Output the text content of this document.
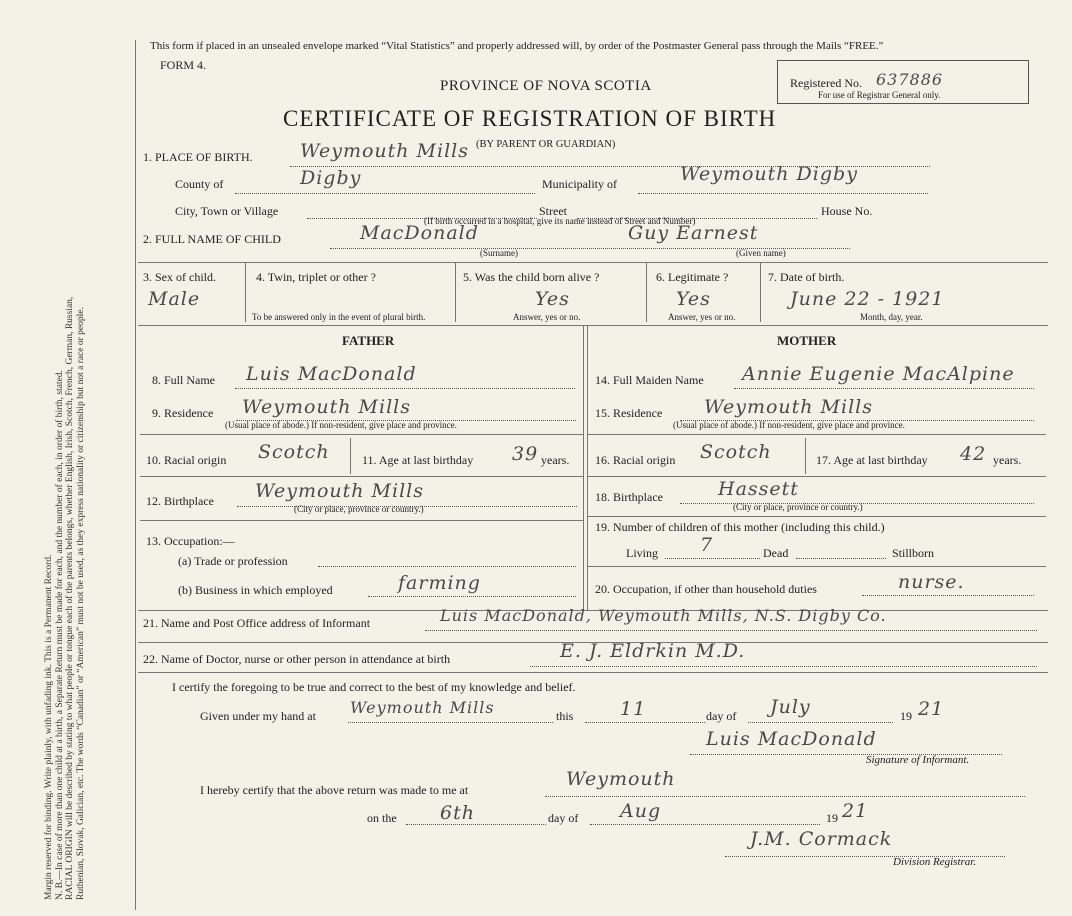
Margin reserved for binding. Write plainly, with unfading ink. This is a Permanent Record. N. B.—In case of more than one child at a birth, a Separate Return must be made for each, and the number of each, in order of birth, stated. RACIAL ORIGIN will be described by stating to what people or tongue each of the parents belongs, whether English, Irish, Scotch, French, German, Russian, Ruthenian, Slovak, Galician, etc. The words “Canadian” or “American” must not be used, as they express nationality or citizenship but not a race or people.
This form if placed in an unsealed envelope marked “Vital Statistics” and properly addressed will, by order of the Postmaster General pass through the Mails “FREE.”
FORM 4.
Registered No. 637886
For use of Registrar General only.
PROVINCE OF NOVA SCOTIA
CERTIFICATE OF REGISTRATION OF BIRTH
(BY PARENT OR GUARDIAN)
1. PLACE OF BIRTH. Weymouth Mills
County of	Digby	Municipality of	Weymouth Digby
City, Town or Village	Street	House No.
(If birth occurred in a hospital, give its name instead of Street and Number)
2. FULL NAME OF CHILD	MacDonald	Guy Earnest
(Surname)	(Given name)
3. Sex of child.
Male
4. Twin, triplet or other ?
To be answered only in the event of plural birth.
5. Was the child born alive ?
Yes
Answer, yes or no.
6. Legitimate ?
Yes
Answer, yes or no.
7. Date of birth.
June 22 - 1921
Month, day, year.
FATHER	MOTHER
8. Full Name Luis MacDonald
9. Residence Weymouth Mills
(Usual place of abode.) If non-resident, give place and province.
10. Racial origin Scotch	11. Age at last birthday 39 years.
12. Birthplace Weymouth Mills
(City or place, province or country.)
13. Occupation:—
(a) Trade or profession
(b) Business in which employed	farming
14. Full Maiden Name Annie Eugenie MacAlpine
15. Residence Weymouth Mills
(Usual place of abode.) If non-resident, give place and province.
16. Racial origin Scotch	17. Age at last birthday 42 years.
18. Birthplace	Hassett
(City or place, province or country.)
19. Number of children of this mother (including this child.)
Living 7	Dead	Stillborn
20. Occupation, if other than household duties	nurse.
21. Name and Post Office address of Informant	Luis MacDonald, Weymouth Mills, N.S. Digby Co.
22. Name of Doctor, nurse or other person in attendance at birth	E. J. Eldrkin M.D.
I certify the foregoing to be true and correct to the best of my knowledge and belief.
Given under my hand at Weymouth Mills	this 11	day of July	19 21
Luis MacDonald
Signature of Informant.
I hereby certify that the above return was made to me at	Weymouth
on the 6th	day of Aug	19 21
J.M. Cormack
Division Registrar.
